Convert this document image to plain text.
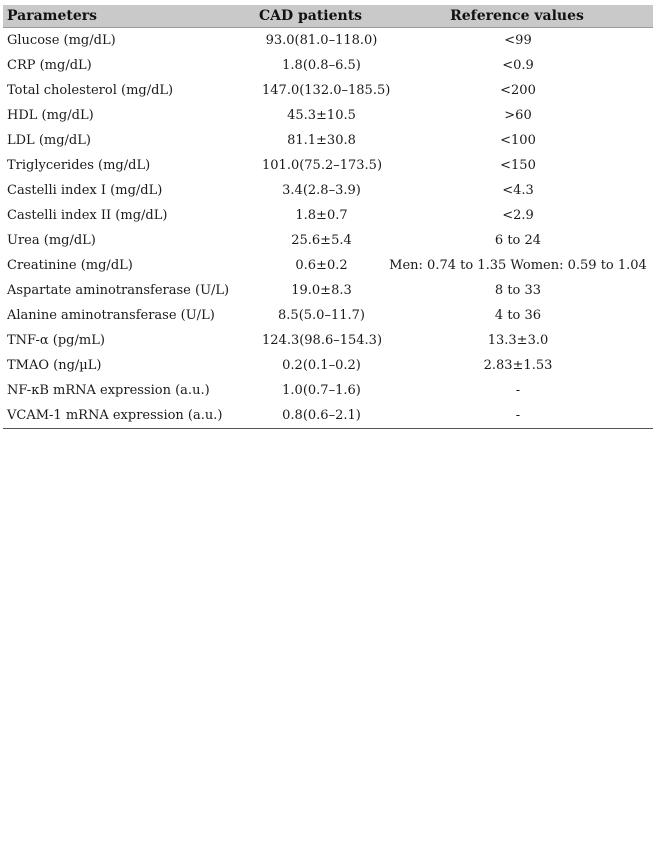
Parameters	CAD patients	Reference values
Glucose (mg/dL)	93.0(81.0–118.0)	<99
CRP (mg/dL)	1.8(0.8–6.5)	<0.9
Total cholesterol (mg/dL)	147.0(132.0–185.5)	<200
HDL (mg/dL)	45.3±10.5	>60
LDL (mg/dL)	81.1±30.8	<100
Triglycerides (mg/dL)	101.0(75.2–173.5)	<150
Castelli index I (mg/dL)	3.4(2.8–3.9)	<4.3
Castelli index II (mg/dL)	1.8±0.7	<2.9
Urea (mg/dL)	25.6±5.4	6 to 24
Creatinine (mg/dL)	0.6±0.2	Men: 0.74 to 1.35 Women: 0.59 to 1.04
Aspartate aminotransferase (U/L)	19.0±8.3	8 to 33
Alanine aminotransferase (U/L)	8.5(5.0–11.7)	4 to 36
TNF-α (pg/mL)	124.3(98.6–154.3)	13.3±3.0
TMAO (ng/µL)	0.2(0.1–0.2)	2.83±1.53
NF-κB mRNA expression (a.u.)	1.0(0.7–1.6)	-
VCAM-1 mRNA expression (a.u.)	0.8(0.6–2.1)	-
